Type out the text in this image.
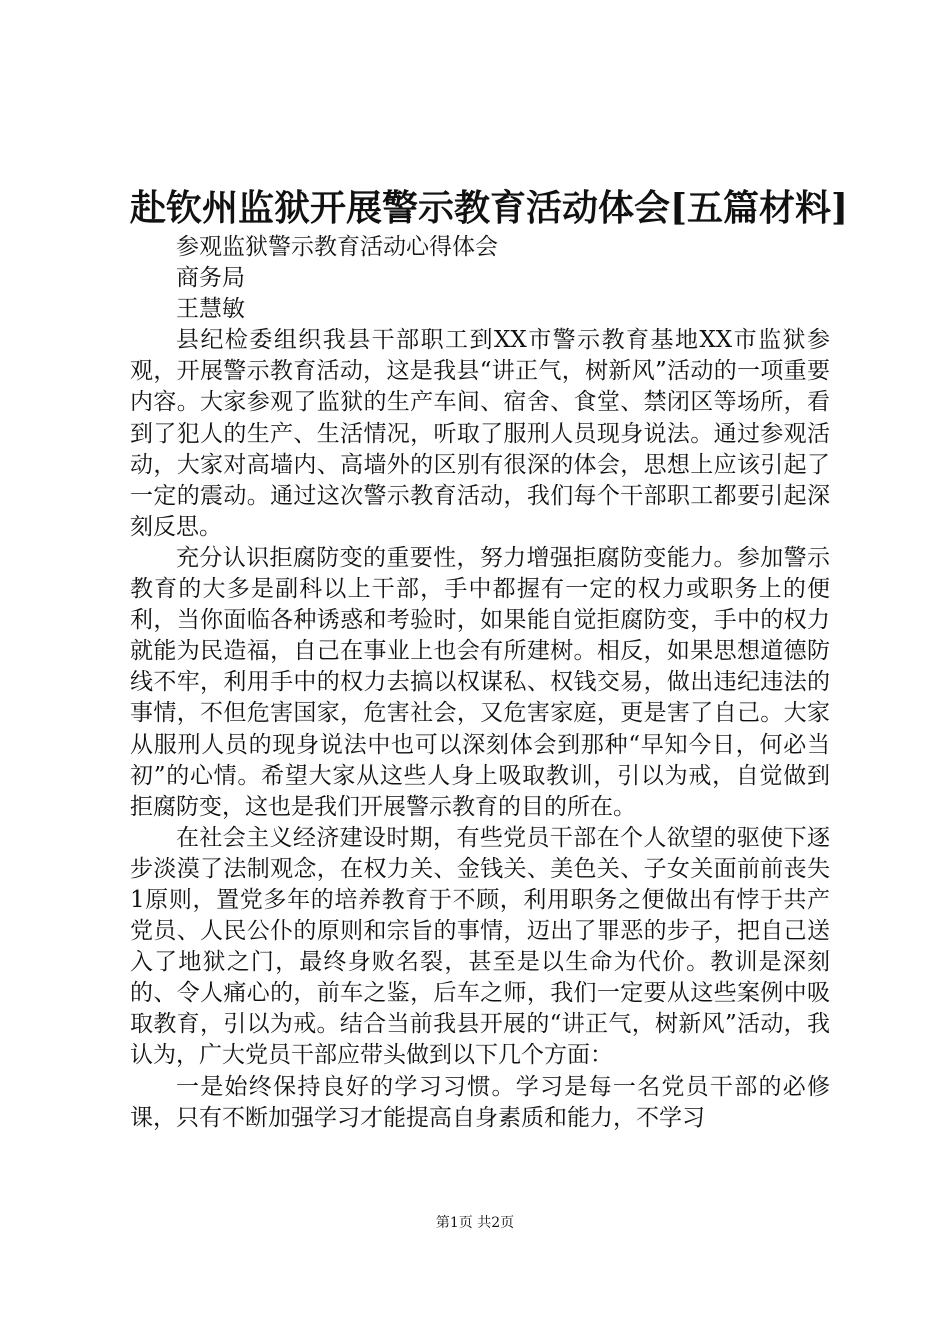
赴钦州监狱开展警示教育活动体会[五篇材料]

参观监狱警示教育活动心得体会

商务局

王慧敏

县纪检委组织我县干部职工到XX市警示教育基地XX市监狱参观，开展警示教育活动，这是我县“讲正气，树新风”活动的一项重要内容。大家参观了监狱的生产车间、宿舍、食堂、禁闭区等场所，看到了犯人的生产、生活情况，听取了服刑人员现身说法。通过参观活动，大家对高墙内、高墙外的区别有很深的体会，思想上应该引起了一定的震动。通过这次警示教育活动，我们每个干部职工都要引起深刻反思。

充分认识拒腐防变的重要性，努力增强拒腐防变能力。参加警示教育的大多是副科以上干部，手中都握有一定的权力或职务上的便利，当你面临各种诱惑和考验时，如果能自觉拒腐防变，手中的权力就能为民造福，自己在事业上也会有所建树。相反，如果思想道德防线不牢，利用手中的权力去搞以权谋私、权钱交易，做出违纪违法的事情，不但危害国家，危害社会，又危害家庭，更是害了自己。大家从服刑人员的现身说法中也可以深刻体会到那种“早知今日，何必当初”的心情。希望大家从这些人身上吸取教训，引以为戒，自觉做到拒腐防变，这也是我们开展警示教育的目的所在。

在社会主义经济建设时期，有些党员干部在个人欲望的驱使下逐步淡漠了法制观念，在权力关、金钱关、美色关、子女关面前前丧失1原则，置党多年的培养教育于不顾，利用职务之便做出有悖于共产党员、人民公仆的原则和宗旨的事情，迈出了罪恶的步子，把自己送入了地狱之门，最终身败名裂，甚至是以生命为代价。教训是深刻的、令人痛心的，前车之鉴，后车之师，我们一定要从这些案例中吸取教育，引以为戒。结合当前我县开展的“讲正气，树新风”活动，我认为，广大党员干部应带头做到以下几个方面：

一是始终保持良好的学习习惯。学习是每一名党员干部的必修课，只有不断加强学习才能提高自身素质和能力，不学习

第1页 共2页
